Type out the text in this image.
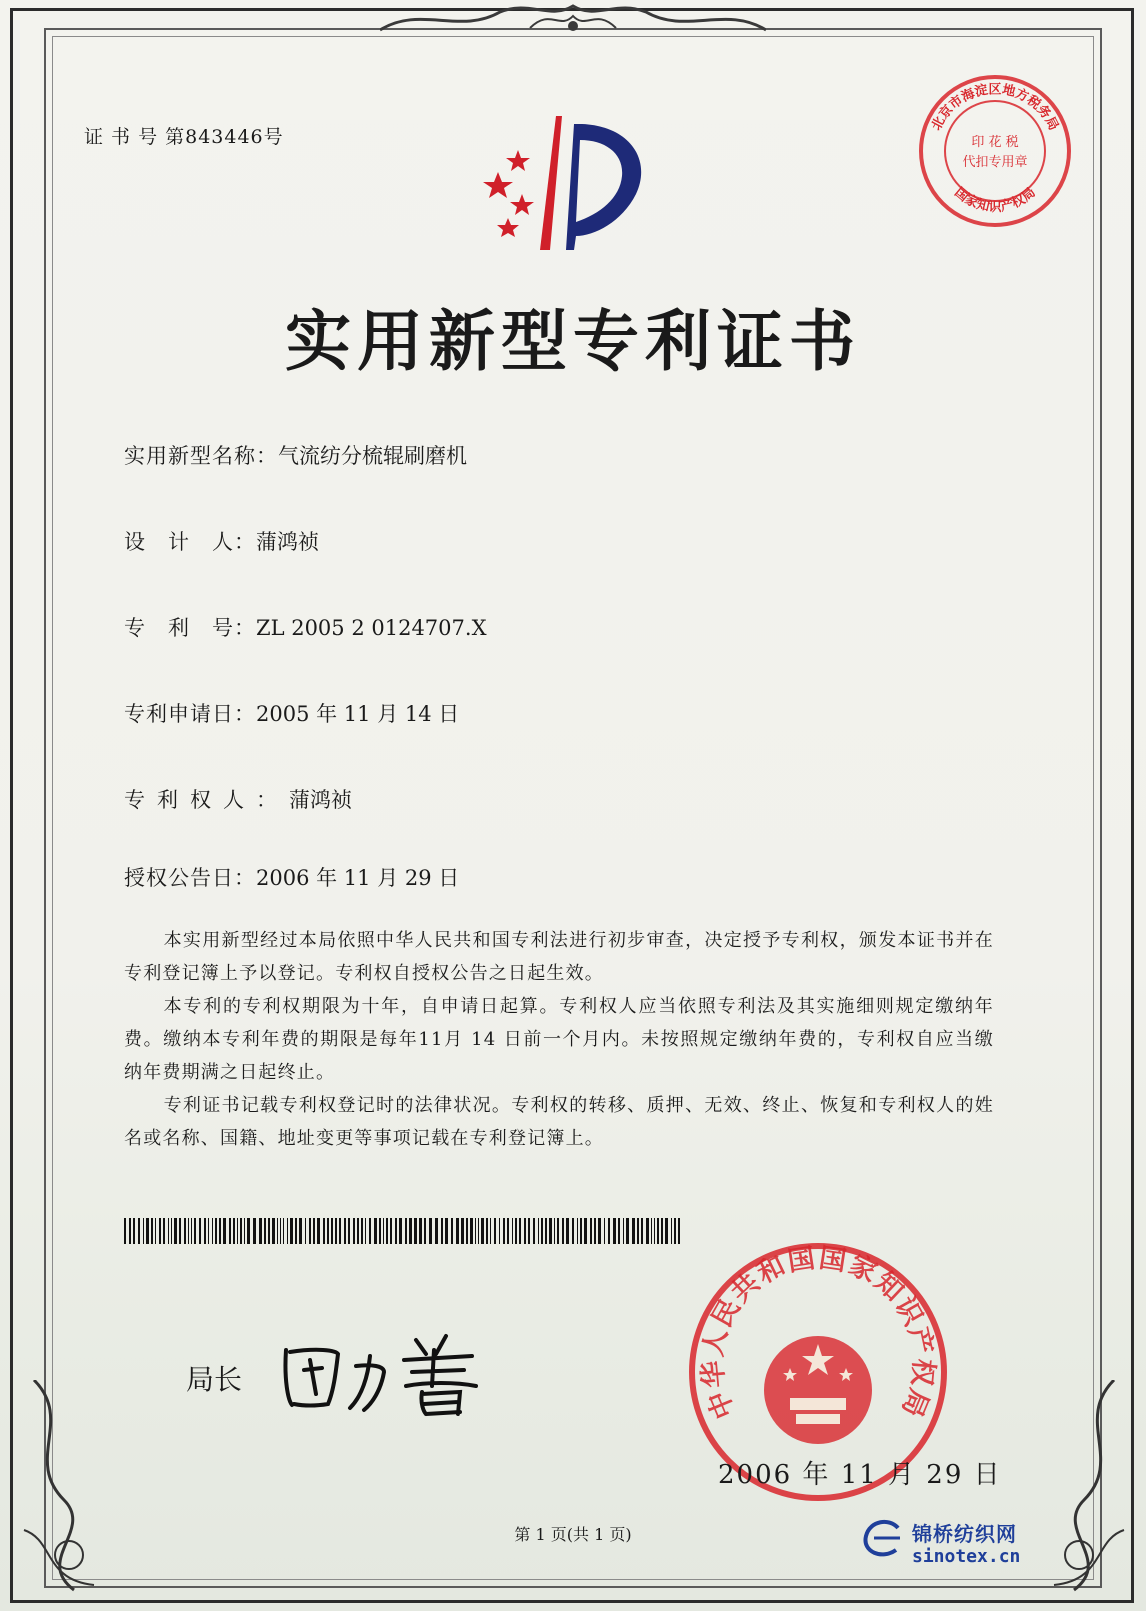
证 书 号 第843446号
实用新型专利证书
实用新型名称：气流纺分梳辊刷磨机
设　计　人：蒲鸿祯
专　利　号：ZL 2005 2 0124707.X
专利申请日：2005 年 11 月 14 日
专利权人：蒲鸿祯
授权公告日：2006 年 11 月 29 日

本实用新型经过本局依照中华人民共和国专利法进行初步审查，决定授予专利权，颁发本证书并在专利登记簿上予以登记。专利权自授权公告之日起生效。

本专利的专利权期限为十年，自申请日起算。专利权人应当依照专利法及其实施细则规定缴纳年费。缴纳本专利年费的期限是每年11月 14 日前一个月内。未按照规定缴纳年费的，专利权自应当缴纳年费期满之日起终止。

专利证书记载专利权登记时的法律状况。专利权的转移、质押、无效、终止、恢复和专利权人的姓名或名称、国籍、地址变更等事项记载在专利登记簿上。

局长
中华人民共和国国家知识产权局
北京市海淀区地方税务局
国家知识产权局
印 花 税
代扣专用章
2006 年 11 月 29 日
第 1 页(共 1 页)	锦桥纺织网
sinotex.cn
